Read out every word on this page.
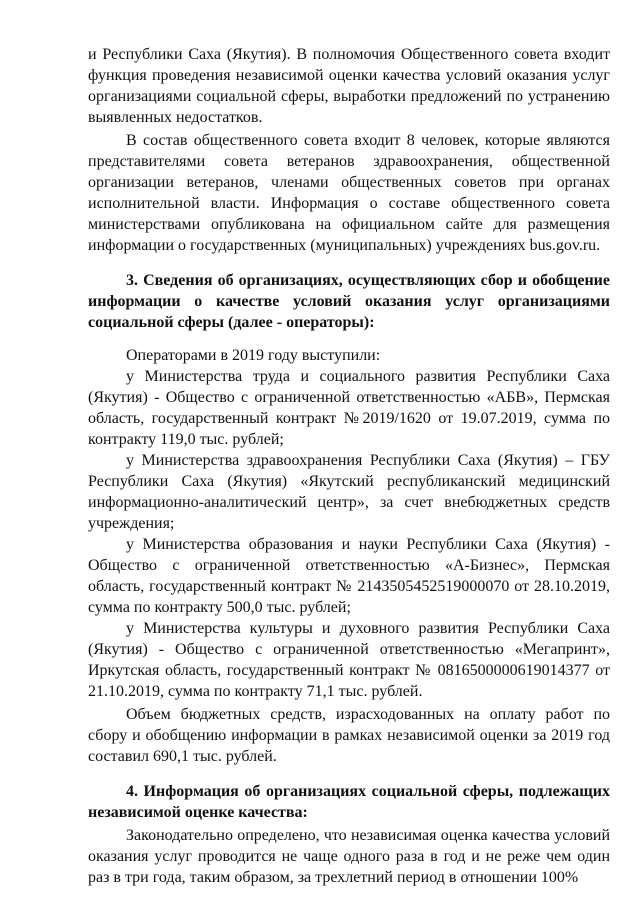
и Республики Саха (Якутия). В полномочия Общественного совета входит функция проведения независимой оценки качества условий оказания услуг организациями социальной сферы, выработки предложений по устранению выявленных недостатков.

В состав общественного совета входит 8 человек, которые являются представителями совета ветеранов здравоохранения, общественной организации ветеранов, членами общественных советов при органах исполнительной власти. Информация о составе общественного совета министерствами опубликована на официальном сайте для размещения информации о государственных (муниципальных) учреждениях bus.gov.ru.

3. Сведения об организациях, осуществляющих сбор и обобщение информации о качестве условий оказания услуг организациями социальной сферы (далее - операторы):

Операторами в 2019 году выступили:

у Министерства труда и социального развития Республики Саха (Якутия) - Общество с ограниченной ответственностью «АБВ», Пермская область, государственный контракт №2019/1620 от 19.07.2019, сумма по контракту 119,0 тыс. рублей;

у Министерства здравоохранения Республики Саха (Якутия) – ГБУ Республики Саха (Якутия) «Якутский республиканский медицинский информационно-аналитический центр», за счет внебюджетных средств учреждения;

у Министерства образования и науки Республики Саха (Якутия) - Общество с ограниченной ответственностью «А-Бизнес», Пермская область, государственный контракт № 2143505452519000070 от 28.10.2019, сумма по контракту 500,0 тыс. рублей;

у Министерства культуры и духовного развития Республики Саха (Якутия) - Общество с ограниченной ответственностью «Мегапринт», Иркутская область, государственный контракт № 0816500000619014377 от 21.10.2019, сумма по контракту 71,1 тыс. рублей.

Объем бюджетных средств, израсходованных на оплату работ по сбору и обобщению информации в рамках независимой оценки за 2019 год составил 690,1 тыс. рублей.

4. Информация об организациях социальной сферы, подлежащих независимой оценке качества:

Законодательно определено, что независимая оценка качества условий оказания услуг проводится не чаще одного раза в год и не реже чем один раз в три года, таким образом, за трехлетний период в отношении 100%
